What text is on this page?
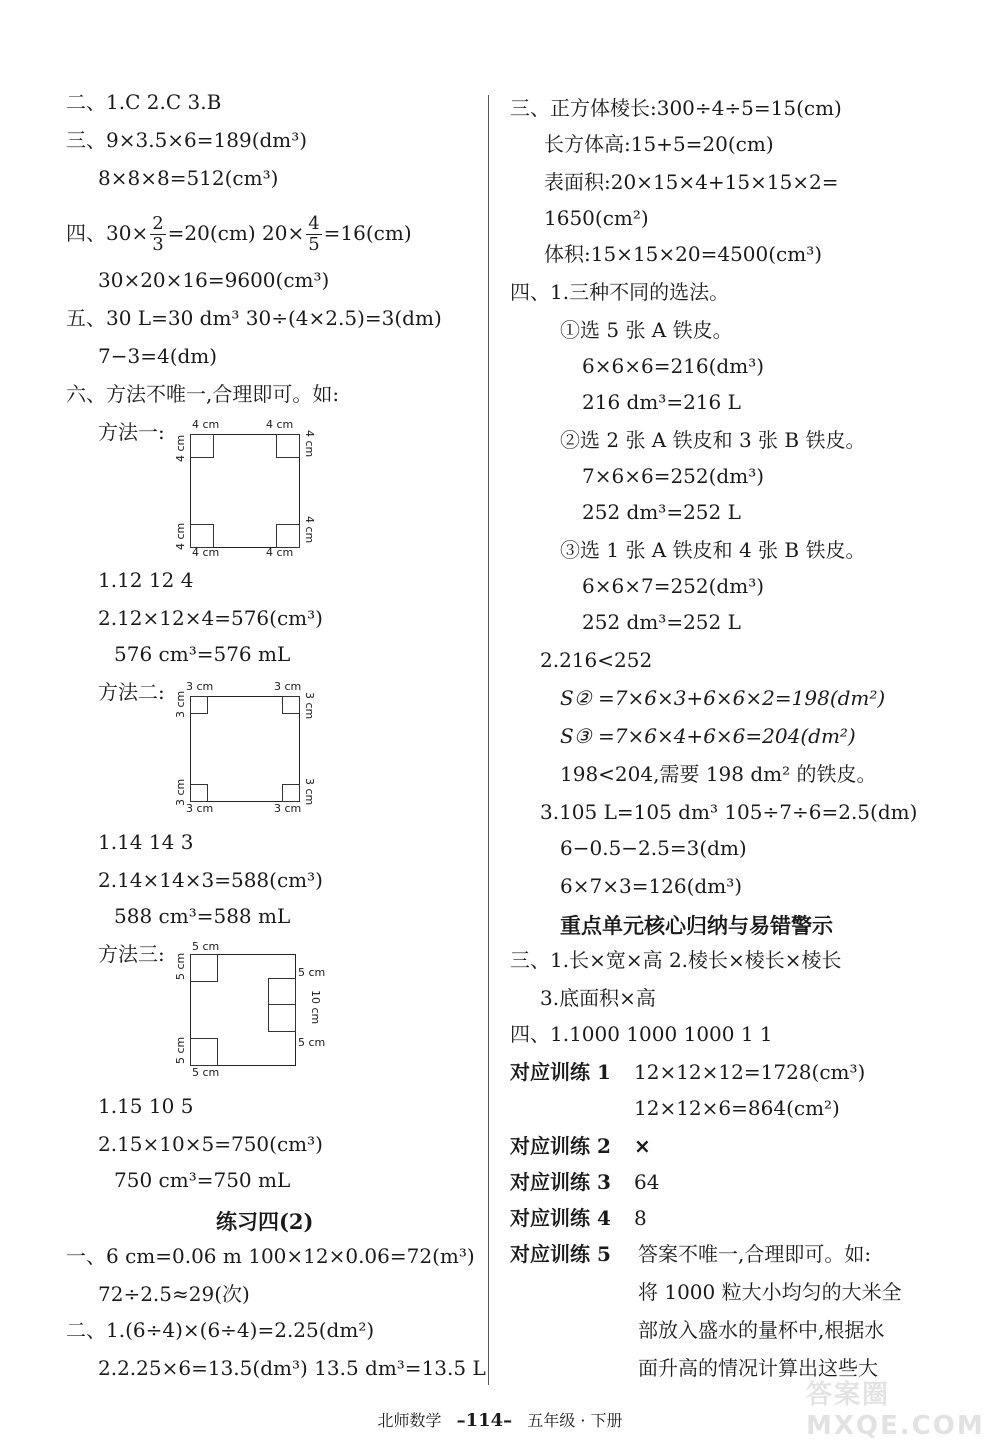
二、1.C 2.C 3.B
三、9×3.5×6=189(dm³)
8×8×8=512(cm³)
四、$30\times \frac{2}{3} =20(cm)$ $20\times \frac{4}{5} =16(cm)$
30×20×16=9600(cm³)
五、30 L=30 dm³ 30÷(4×2.5)=3(dm)
7−3=4(dm)
六、方法不唯一,合理即可。如:
方法一: 4 cm	4 cm
4 cm	4 cm
4 cm
4 cm
4 cm
4 cm
1.12 12 4
2.12×12×4=576(cm³)
576 cm³=576 mL
方法二: 3 cm	3 cm
3 cm	3 cm
3 cm
3 cm
3 cm
3 cm
1.14 14 3
2.14×14×3=588(cm³)
588 cm³=588 mL
方法三: 5 cm
5 cm
5 cm
5 cm
5 cm
5 cm
10 cm
1.15 10 5
2.15×10×5=750(cm³)
750 cm³=750 mL
练习四(2)
一、6 cm=0.06 m 100×12×0.06=72(m³)
72÷2.5≈29(次)
二、1.(6÷4)×(6÷4)=2.25(dm²)
2.2.25×6=13.5(dm³) 13.5 dm³=13.5 L
三、正方体棱长:300÷4÷5=15(cm)
长方体高:15+5=20(cm)
表面积:20×15×4+15×15×2=
1650(cm²)
体积:15×15×20=4500(cm³)
四、1.三种不同的选法。
①选 5 张 A 铁皮。
6×6×6=216(dm³)
216 dm³=216 L
②选 2 张 A 铁皮和 3 张 B 铁皮。
7×6×6=252(dm³)
252 dm³=252 L
③选 1 张 A 铁皮和 4 张 B 铁皮。
6×6×7=252(dm³)
252 dm³=252 L
2.216<252
S② =7×6×3+6×6×2=198(dm²)
S③ =7×6×4+6×6=204(dm²)
198<204,需要 198 dm² 的铁皮。
3.105 L=105 dm³ 105÷7÷6=2.5(dm)
6−0.5−2.5=3(dm)
6×7×3=126(dm³)
重点单元核心归纳与易错警示
三、1.长×宽×高 2.棱长×棱长×棱长
3.底面积×高
四、1.1000 1000 1000 1 1
对应训练 1 12×12×12=1728(cm³)
12×12×6=864(cm²)
对应训练 2 ×
对应训练 3 64
对应训练 4 8
对应训练 5 答案不唯一,合理即可。如:
将 1000 粒大小均匀的大米全
部放入盛水的量杯中,根据水
面升高的情况计算出这些大
北师数学 –114– 五年级 · 下册
答案圈 MXQE.COM
